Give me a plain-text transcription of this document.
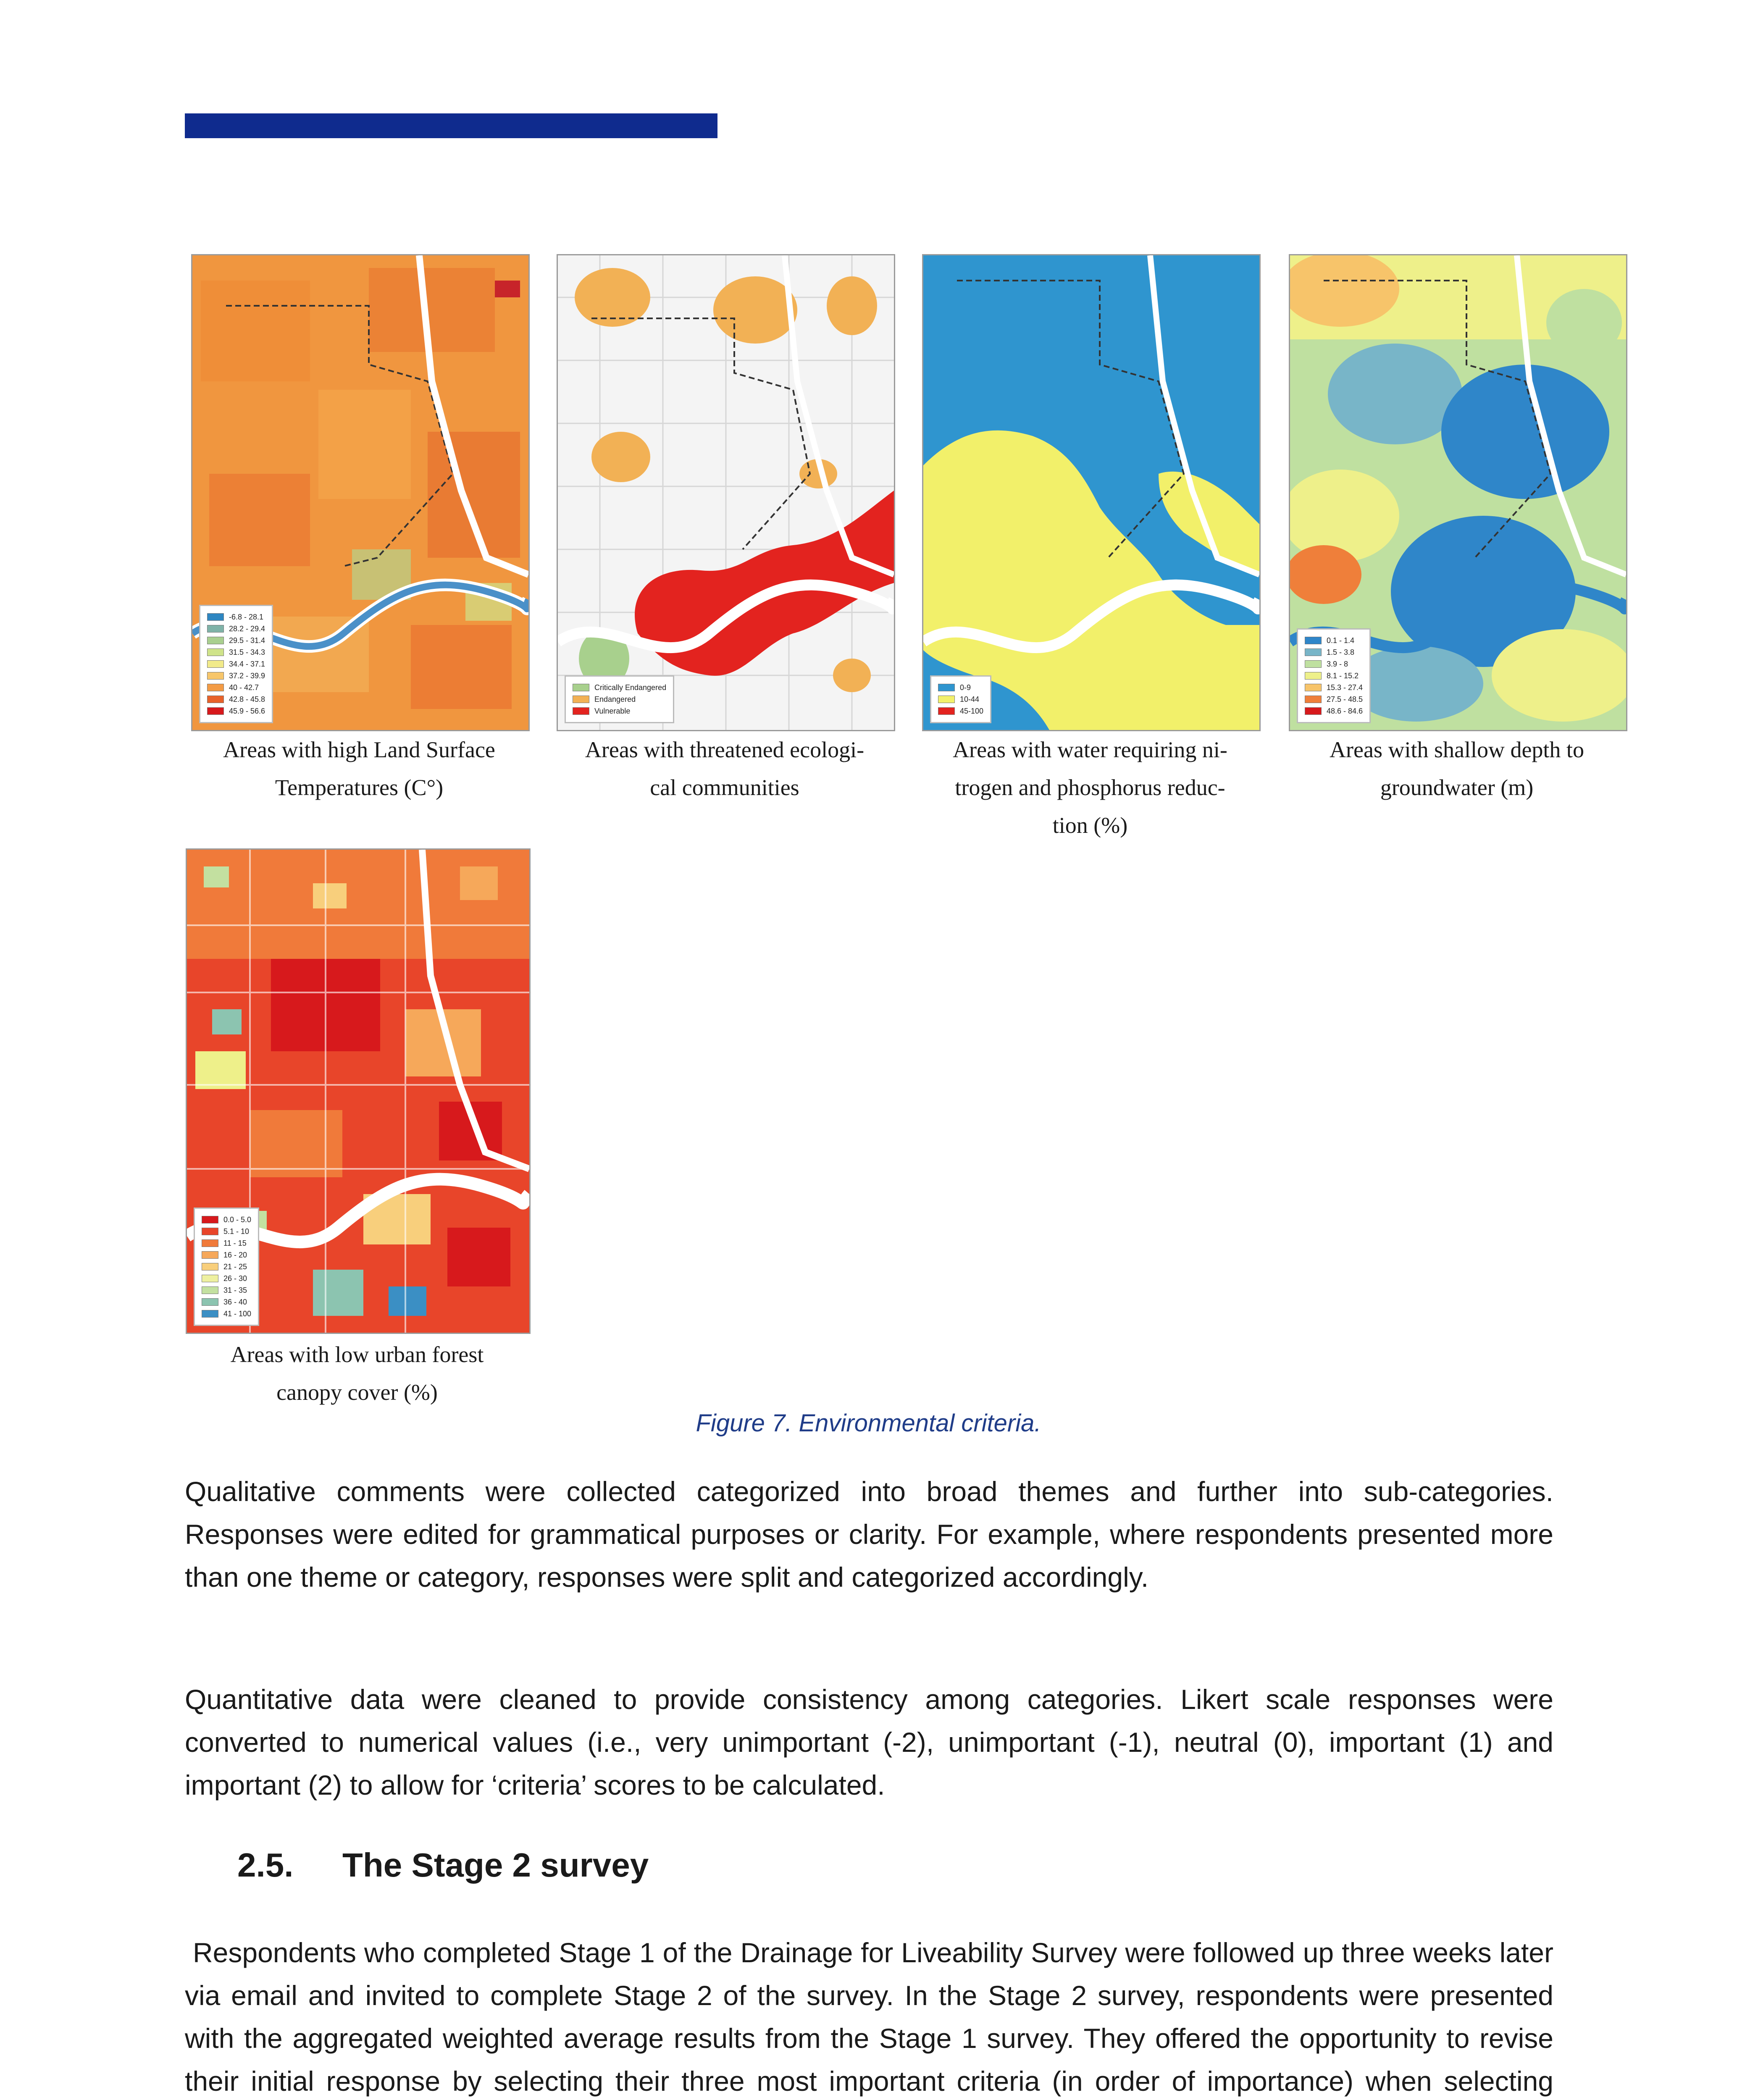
-6.8 - 28.1
28.2 - 29.4
29.5 - 31.4
31.5 - 34.3
34.4 - 37.1
37.2 - 39.9
40 - 42.7
42.8 - 45.8
45.9 - 56.6
Critically Endangered
Endangered
Vulnerable
0-9
10-44
45-100
0.1 - 1.4
1.5 - 3.8
3.9 - 8
8.1 - 15.2
15.3 - 27.4
27.5 - 48.5
48.6 - 84.6
0.0 - 5.0
5.1 - 10
11 - 15
16 - 20
21 - 25
26 - 30
31 - 35
36 - 40
41 - 100
Areas with high Land Surface
Temperatures (C°)
Areas with threatened ecologi-
cal communities
Areas with water requiring ni-
trogen and phosphorus reduc-
tion (%)
Areas with shallow depth to
groundwater (m)
Areas with low urban forest
canopy cover (%)
Figure 7. Environmental criteria.

Qualitative comments were collected categorized into broad themes and further into sub-categories. Responses were edited for grammatical purposes or clarity. For example, where respondents presented more than one theme or category, responses were split and categorized accordingly.

Quantitative data were cleaned to provide consistency among categories. Likert scale responses were converted to numerical values (i.e., very unimportant (-2), unimportant (-1), neutral (0), important (1) and important (2) to allow for ‘criteria’ scores to be calculated.

2.5. The Stage 2 survey

Respondents who completed Stage 1 of the Drainage for Liveability Survey were followed up three weeks later via email and invited to complete Stage 2 of the survey. In the Stage 2 survey, respondents were presented with the aggregated weighted average results from the Stage 1 survey. They offered the opportunity to revise their initial response by selecting their three most important criteria (in order of importance) when selecting
